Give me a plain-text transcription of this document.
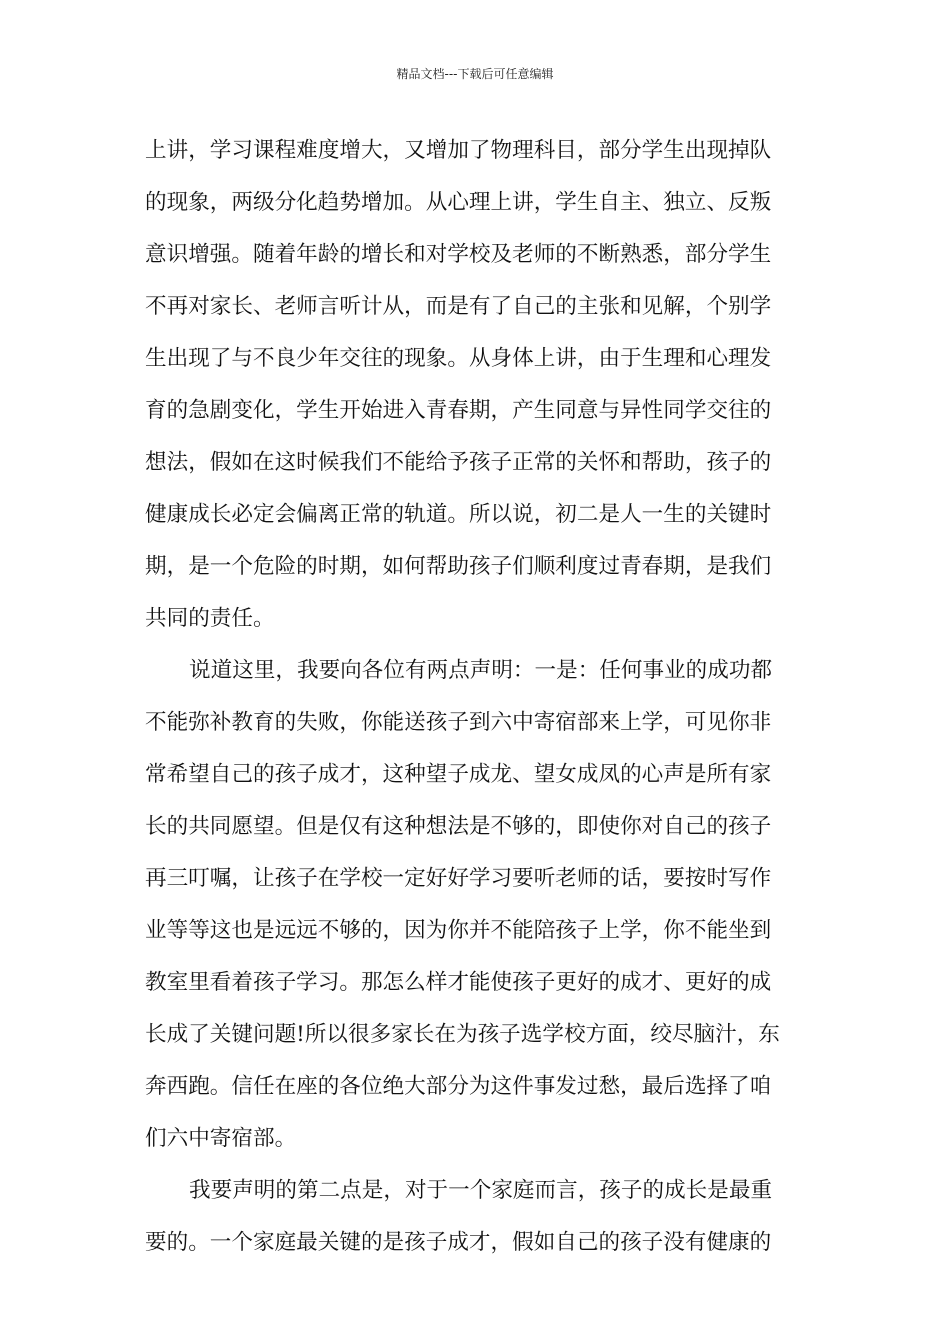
精品文档---下载后可任意编辑
上讲，学习课程难度增大，又增加了物理科目，部分学生出现掉队
的现象，两级分化趋势增加。从心理上讲，学生自主、独立、反叛
意识增强。随着年龄的增长和对学校及老师的不断熟悉，部分学生
不再对家长、老师言听计从，而是有了自己的主张和见解，个别学
生出现了与不良少年交往的现象。从身体上讲，由于生理和心理发
育的急剧变化，学生开始进入青春期，产生同意与异性同学交往的
想法，假如在这时候我们不能给予孩子正常的关怀和帮助，孩子的
健康成长必定会偏离正常的轨道。所以说，初二是人一生的关键时
期，是一个危险的时期，如何帮助孩子们顺利度过青春期，是我们
共同的责任。
说道这里，我要向各位有两点声明：一是：任何事业的成功都
不能弥补教育的失败，你能送孩子到六中寄宿部来上学，可见你非
常希望自己的孩子成才，这种望子成龙、望女成凤的心声是所有家
长的共同愿望。但是仅有这种想法是不够的，即使你对自己的孩子
再三叮嘱，让孩子在学校一定好好学习要听老师的话，要按时写作
业等等这也是远远不够的，因为你并不能陪孩子上学，你不能坐到
教室里看着孩子学习。那怎么样才能使孩子更好的成才、更好的成
长成了关键问题!所以很多家长在为孩子选学校方面，绞尽脑汁，东
奔西跑。信任在座的各位绝大部分为这件事发过愁，最后选择了咱
们六中寄宿部。
我要声明的第二点是，对于一个家庭而言，孩子的成长是最重
要的。一个家庭最关键的是孩子成才，假如自己的孩子没有健康的
